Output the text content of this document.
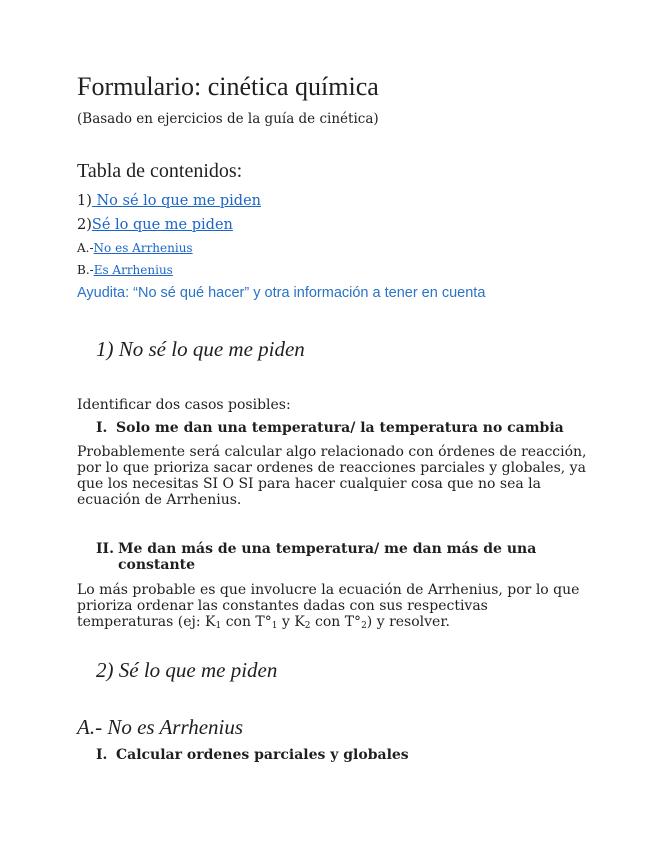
Formulario: cinética química
(Basado en ejercicios de la guía de cinética)
Tabla de contenidos:
1) No sé lo que me piden
2)Sé lo que me piden
A.-No es Arrhenius
B.-Es Arrhenius
Ayudita: “No sé qué hacer” y otra información a tener en cuenta
1) No sé lo que me piden
Identificar dos casos posibles:
I. Solo me dan una temperatura/ la temperatura no cambia
Probablemente será calcular algo relacionado con órdenes de reacción, por lo que prioriza sacar ordenes de reacciones parciales y globales, ya que los necesitas SI O SI para hacer cualquier cosa que no sea la ecuación de Arrhenius.
II. Me dan más de una temperatura/ me dan más de una constante
Lo más probable es que involucre la ecuación de Arrhenius, por lo que prioriza ordenar las constantes dadas con sus respectivas temperaturas (ej: $K_1$ con $T^\circ_1$ y $K_2$ con $T^\circ_2$) y resolver.
2) Sé lo que me piden
A.- No es Arrhenius
I. Calcular ordenes parciales y globales
